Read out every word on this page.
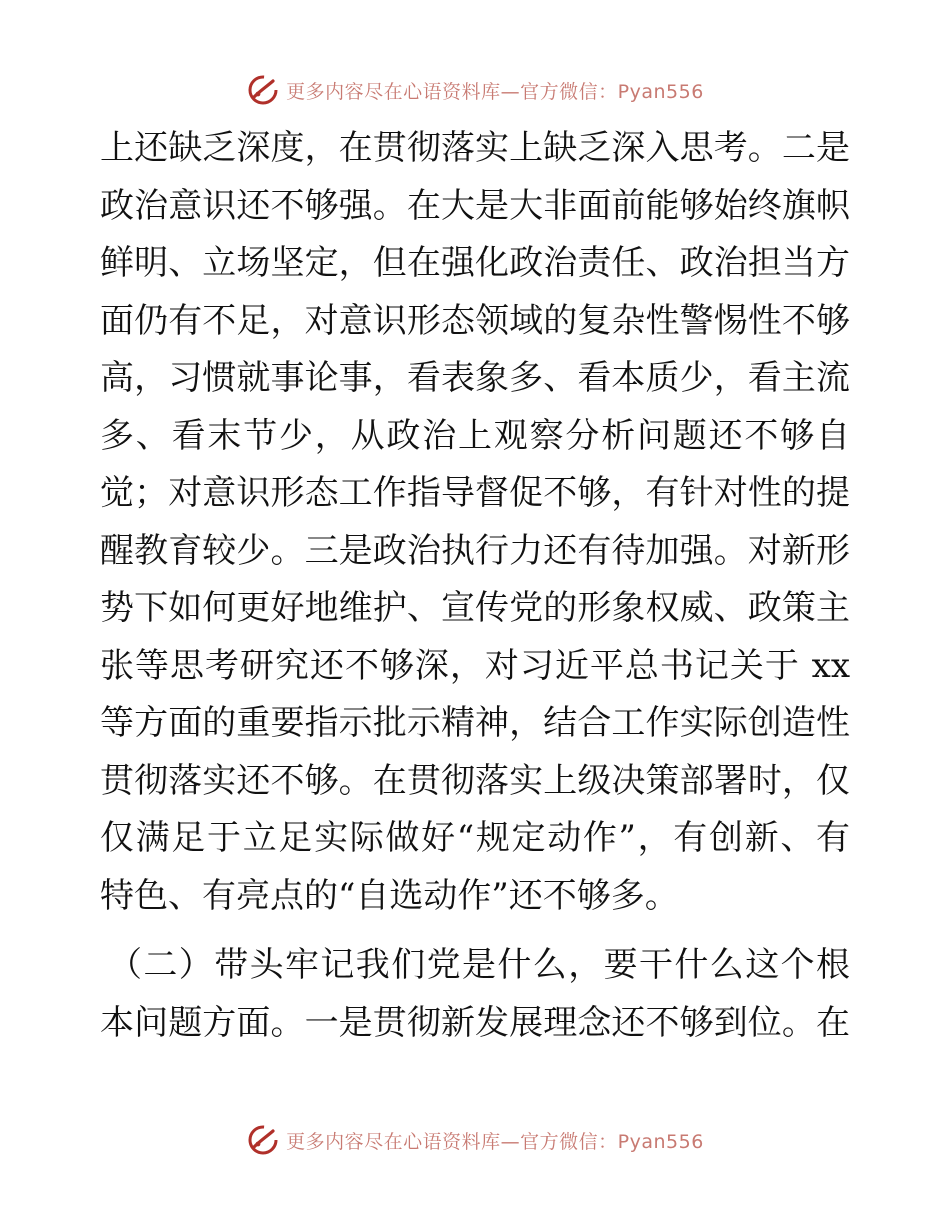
更多内容尽在心语资料库—官方微信：Pyan556
上还缺乏深度，在贯彻落实上缺乏深入思考。二是
政治意识还不够强。在大是大非面前能够始终旗帜
鲜明、立场坚定，但在强化政治责任、政治担当方
面仍有不足，对意识形态领域的复杂性警惕性不够
高，习惯就事论事，看表象多、看本质少，看主流
多、看末节少，从政治上观察分析问题还不够自
觉；对意识形态工作指导督促不够，有针对性的提
醒教育较少。三是政治执行力还有待加强。对新形
势下如何更好地维护、宣传党的形象权威、政策主
张等思考研究还不够深，对习近平总书记关于 xx
等方面的重要指示批示精神，结合工作实际创造性
贯彻落实还不够。在贯彻落实上级决策部署时，仅
仅满足于立足实际做好“规定动作”，有创新、有
特色、有亮点的“自选动作”还不够多。
（二）带头牢记我们党是什么，要干什么这个根
本问题方面。一是贯彻新发展理念还不够到位。在
更多内容尽在心语资料库—官方微信：Pyan556
